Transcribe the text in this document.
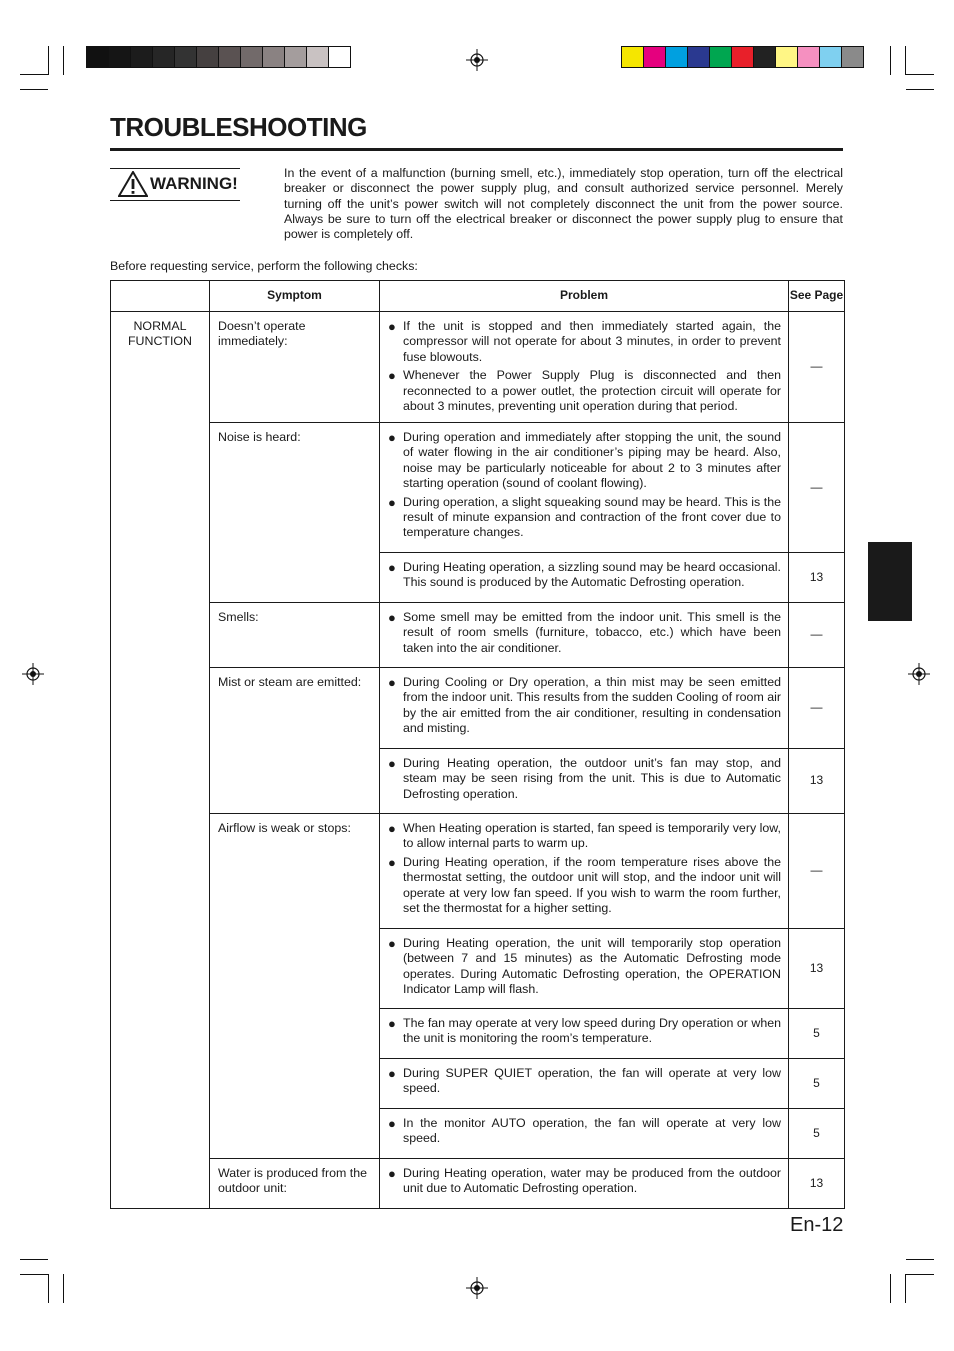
TROUBLESHOOTING
WARNING!

In the event of a malfunction (burning smell, etc.), immediately stop operation, turn off the electrical breaker or disconnect the power supply plug, and consult authorized service personnel. Merely turning off the unit’s power switch will not completely disconnect the unit from the power source. Always be sure to turn off the electrical breaker or disconnect the power supply plug to ensure that power is completely off.

Before requesting service, perform the following checks:

	Symptom	Problem	See Page
NORMAL FUNCTION	Doesn’t operate immediately:	● If the unit is stopped and then immediately started again, the compressor will not operate for about 3 minutes, in order to prevent fuse blowouts.
● Whenever the Power Supply Plug is disconnected and then reconnected to a power outlet, the protection circuit will operate for about 3 minutes, preventing unit operation during that period.	—
	Noise is heard:	● During operation and immediately after stopping the unit, the sound of water flowing in the air conditioner’s piping may be heard. Also, noise may be particularly noticeable for about 2 to 3 minutes after starting operation (sound of coolant flowing).
● During operation, a slight squeaking sound may be heard. This is the result of minute expansion and contraction of the front cover due to temperature changes.	—

		● During Heating operation, a sizzling sound may be heard occasional. This sound is produced by the Automatic Defrosting operation.	13
	Smells:	● Some smell may be emitted from the indoor unit. This smell is the result of room smells (furniture, tobacco, etc.) which have been taken into the air conditioner.	—
	Mist or steam are emitted:	● During Cooling or Dry operation, a thin mist may be seen emitted from the indoor unit. This results from the sudden Cooling of room air by the air emitted from the air conditioner, resulting in condensation and misting.	—

		● During Heating operation, the outdoor unit’s fan may stop, and steam may be seen rising from the unit. This is due to Automatic Defrosting operation.	13
	Airflow is weak or stops:	● When Heating operation is started, fan speed is temporarily very low, to allow internal parts to warm up.
● During Heating operation, if the room temperature rises above the thermostat setting, the outdoor unit will stop, and the indoor unit will operate at very low fan speed. If you wish to warm the room further, set the thermostat for a higher setting.	—

		● During Heating operation, the unit will temporarily stop operation (between 7 and 15 minutes) as the Automatic Defrosting mode operates. During Automatic Defrosting operation, the OPERATION Indicator Lamp will flash.	13

		● The fan may operate at very low speed during Dry operation or when the unit is monitoring the room’s temperature.	5

		● During SUPER QUIET operation, the fan will operate at very low speed.	5

		● In the monitor AUTO operation, the fan will operate at very low speed.	5
	Water is produced from the outdoor unit:	● During Heating operation, water may be produced from the outdoor unit due to Automatic Defrosting operation.	13

En-12
